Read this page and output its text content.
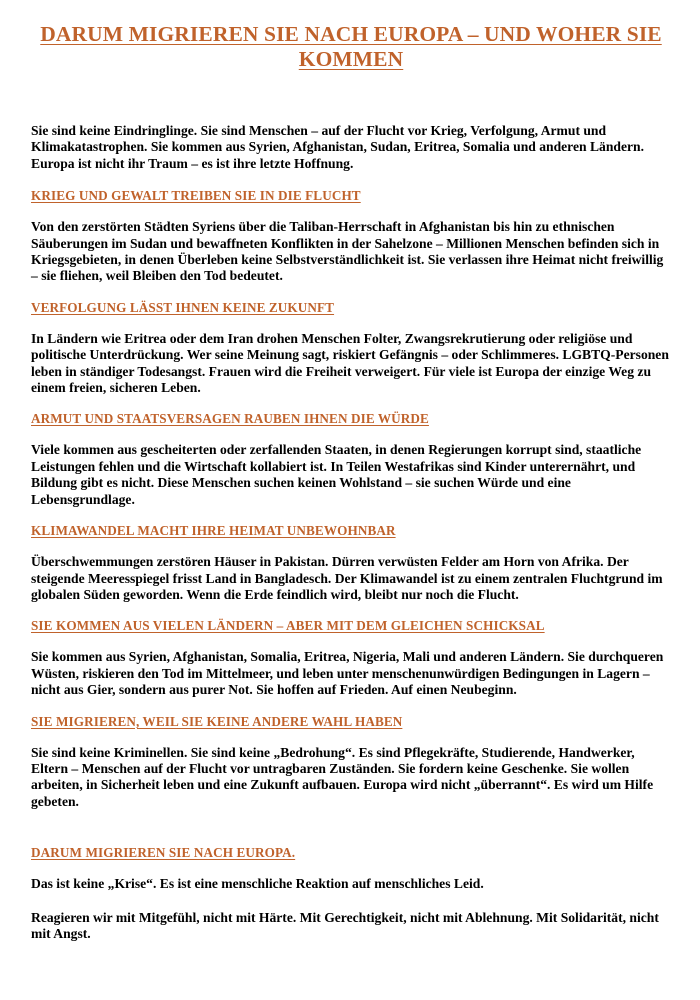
DARUM MIGRIEREN SIE NACH EUROPA – UND WOHER SIE KOMMEN

Sie sind keine Eindringlinge. Sie sind Menschen – auf der Flucht vor Krieg, Verfolgung, Armut und Klimakatastrophen. Sie kommen aus Syrien, Afghanistan, Sudan, Eritrea, Somalia und anderen Ländern. Europa ist nicht ihr Traum – es ist ihre letzte Hoffnung.

KRIEG UND GEWALT TREIBEN SIE IN DIE FLUCHT

Von den zerstörten Städten Syriens über die Taliban-Herrschaft in Afghanistan bis hin zu ethnischen Säuberungen im Sudan und bewaffneten Konflikten in der Sahelzone – Millionen Menschen befinden sich in Kriegsgebieten, in denen Überleben keine Selbstverständlichkeit ist. Sie verlassen ihre Heimat nicht freiwillig – sie fliehen, weil Bleiben den Tod bedeutet.

VERFOLGUNG LÄSST IHNEN KEINE ZUKUNFT

In Ländern wie Eritrea oder dem Iran drohen Menschen Folter, Zwangsrekrutierung oder religiöse und politische Unterdrückung. Wer seine Meinung sagt, riskiert Gefängnis – oder Schlimmeres. LGBTQ-Personen leben in ständiger Todesangst. Frauen wird die Freiheit verweigert. Für viele ist Europa der einzige Weg zu einem freien, sicheren Leben.

ARMUT UND STAATSVERSAGEN RAUBEN IHNEN DIE WÜRDE

Viele kommen aus gescheiterten oder zerfallenden Staaten, in denen Regierungen korrupt sind, staatliche Leistungen fehlen und die Wirtschaft kollabiert ist. In Teilen Westafrikas sind Kinder unterernährt, und Bildung gibt es nicht. Diese Menschen suchen keinen Wohlstand – sie suchen Würde und eine Lebensgrundlage.

KLIMAWANDEL MACHT IHRE HEIMAT UNBEWOHNBAR

Überschwemmungen zerstören Häuser in Pakistan. Dürren verwüsten Felder am Horn von Afrika. Der steigende Meeresspiegel frisst Land in Bangladesch. Der Klimawandel ist zu einem zentralen Fluchtgrund im globalen Süden geworden. Wenn die Erde feindlich wird, bleibt nur noch die Flucht.

SIE KOMMEN AUS VIELEN LÄNDERN – ABER MIT DEM GLEICHEN SCHICKSAL

Sie kommen aus Syrien, Afghanistan, Somalia, Eritrea, Nigeria, Mali und anderen Ländern. Sie durchqueren Wüsten, riskieren den Tod im Mittelmeer, und leben unter menschenunwürdigen Bedingungen in Lagern – nicht aus Gier, sondern aus purer Not. Sie hoffen auf Frieden. Auf einen Neubeginn.

SIE MIGRIEREN, WEIL SIE KEINE ANDERE WAHL HABEN

Sie sind keine Kriminellen. Sie sind keine „Bedrohung“. Es sind Pflegekräfte, Studierende, Handwerker, Eltern – Menschen auf der Flucht vor untragbaren Zuständen. Sie fordern keine Geschenke. Sie wollen arbeiten, in Sicherheit leben und eine Zukunft aufbauen. Europa wird nicht „überrannt“. Es wird um Hilfe gebeten.

DARUM MIGRIEREN SIE NACH EUROPA.

Das ist keine „Krise“. Es ist eine menschliche Reaktion auf menschliches Leid.

Reagieren wir mit Mitgefühl, nicht mit Härte. Mit Gerechtigkeit, nicht mit Ablehnung. Mit Solidarität, nicht mit Angst.
